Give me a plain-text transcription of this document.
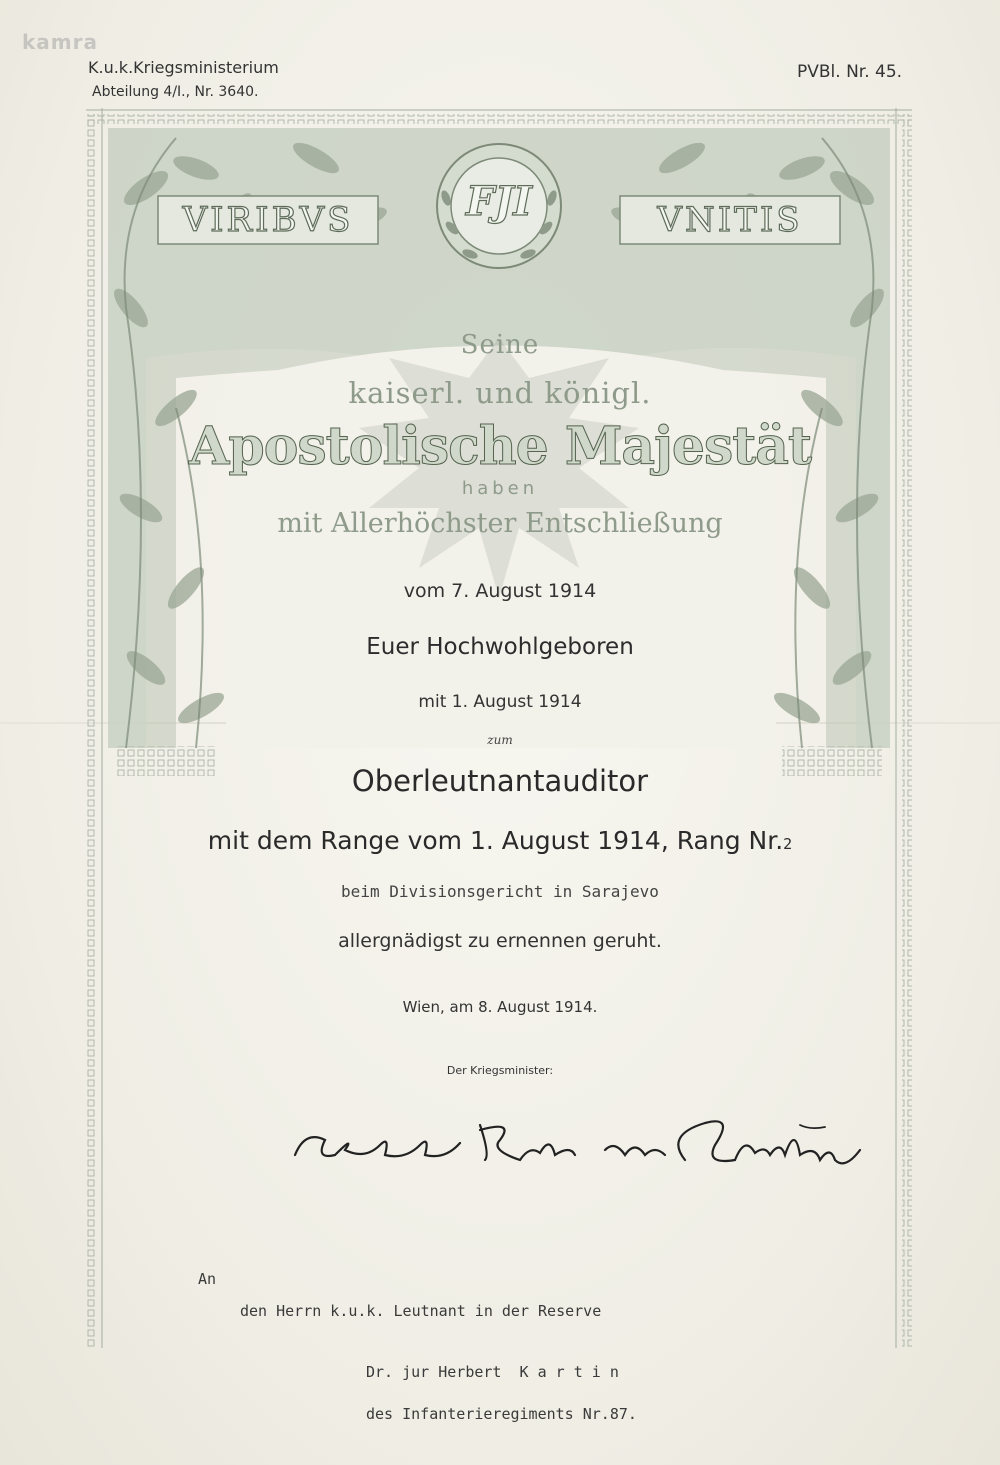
kamra
K.u.k.Kriegsministerium
Abteilung 4/I., Nr. 3640.
PVBl. Nr. 45.
VIRIBVS	VNITIS
FJI
Seine
kaiserl. und königl.
Apostolische Majestät
haben
mit Allerhöchster Entschließung
vom 7. August 1914
Euer Hochwohlgeboren
mit 1. August 1914
zum
Oberleutnantauditor
mit dem Range vom 1. August 1914, Rang Nr.2
beim Divisionsgericht in Sarajevo
allergnädigst zu ernennen geruht.
Wien, am 8. August 1914.
Der Kriegsminister:
An
den Herrn k.u.k. Leutnant in der Reserve
Dr. jur Herbert  K a r t i n
des Infanterieregiments Nr.87.
